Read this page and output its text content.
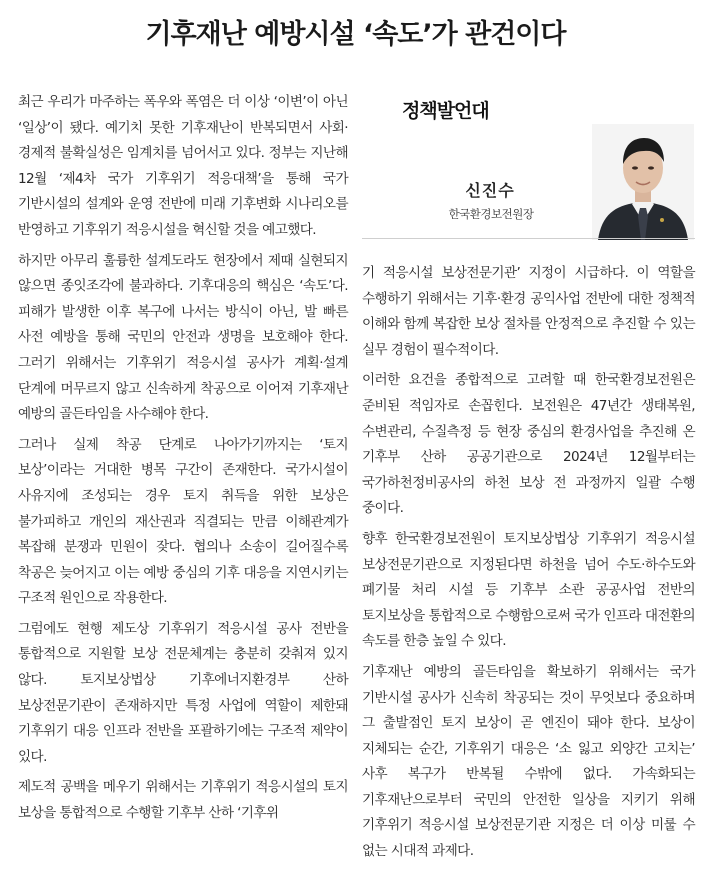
기후재난 예방시설 ‘속도’가 관건이다

최근 우리가 마주하는 폭우와 폭염은 더 이상 ‘이변’이 아닌 ‘일상’이 됐다. 예기치 못한 기후재난이 반복되면서 사회·경제적 불확실성은 임계치를 넘어서고 있다. 정부는 지난해 12월 ‘제4차 국가 기후위기 적응대책’을 통해 국가 기반시설의 설계와 운영 전반에 미래 기후변화 시나리오를 반영하고 기후위기 적응시설을 혁신할 것을 예고했다.

하지만 아무리 훌륭한 설계도라도 현장에서 제때 실현되지 않으면 종잇조각에 불과하다. 기후대응의 핵심은 ‘속도’다. 피해가 발생한 이후 복구에 나서는 방식이 아닌, 발 빠른 사전 예방을 통해 국민의 안전과 생명을 보호해야 한다. 그러기 위해서는 기후위기 적응시설 공사가 계획·설계 단계에 머무르지 않고 신속하게 착공으로 이어져 기후재난 예방의 골든타임을 사수해야 한다.

그러나 실제 착공 단계로 나아가기까지는 ‘토지 보상’이라는 거대한 병목 구간이 존재한다. 국가시설이 사유지에 조성되는 경우 토지 취득을 위한 보상은 불가피하고 개인의 재산권과 직결되는 만큼 이해관계가 복잡해 분쟁과 민원이 잦다. 협의나 소송이 길어질수록 착공은 늦어지고 이는 예방 중심의 기후 대응을 지연시키는 구조적 원인으로 작용한다.

그럼에도 현행 제도상 기후위기 적응시설 공사 전반을 통합적으로 지원할 보상 전문체계는 충분히 갖춰져 있지 않다. 토지보상법상 기후에너지환경부 산하 보상전문기관이 존재하지만 특정 사업에 역할이 제한돼 기후위기 대응 인프라 전반을 포괄하기에는 구조적 제약이 있다.

제도적 공백을 메우기 위해서는 기후위기 적응시설의 토지 보상을 통합적으로 수행할 기후부 산하 ‘기후위

정책발언대
신진수
한국환경보전원장

기 적응시설 보상전문기관’ 지정이 시급하다. 이 역할을 수행하기 위해서는 기후·환경 공익사업 전반에 대한 정책적 이해와 함께 복잡한 보상 절차를 안정적으로 추진할 수 있는 실무 경험이 필수적이다.

이러한 요건을 종합적으로 고려할 때 한국환경보전원은 준비된 적임자로 손꼽힌다. 보전원은 47년간 생태복원, 수변관리, 수질측정 등 현장 중심의 환경사업을 추진해 온 기후부 산하 공공기관으로 2024년 12월부터는 국가하천정비공사의 하천 보상 전 과정까지 일괄 수행 중이다.

향후 한국환경보전원이 토지보상법상 기후위기 적응시설 보상전문기관으로 지정된다면 하천을 넘어 수도·하수도와 폐기물 처리 시설 등 기후부 소관 공공사업 전반의 토지보상을 통합적으로 수행함으로써 국가 인프라 대전환의 속도를 한층 높일 수 있다.

기후재난 예방의 골든타임을 확보하기 위해서는 국가 기반시설 공사가 신속히 착공되는 것이 무엇보다 중요하며 그 출발점인 토지 보상이 곧 엔진이 돼야 한다. 보상이 지체되는 순간, 기후위기 대응은 ‘소 잃고 외양간 고치는’ 사후 복구가 반복될 수밖에 없다. 가속화되는 기후재난으로부터 국민의 안전한 일상을 지키기 위해 기후위기 적응시설 보상전문기관 지정은 더 이상 미룰 수 없는 시대적 과제다.
